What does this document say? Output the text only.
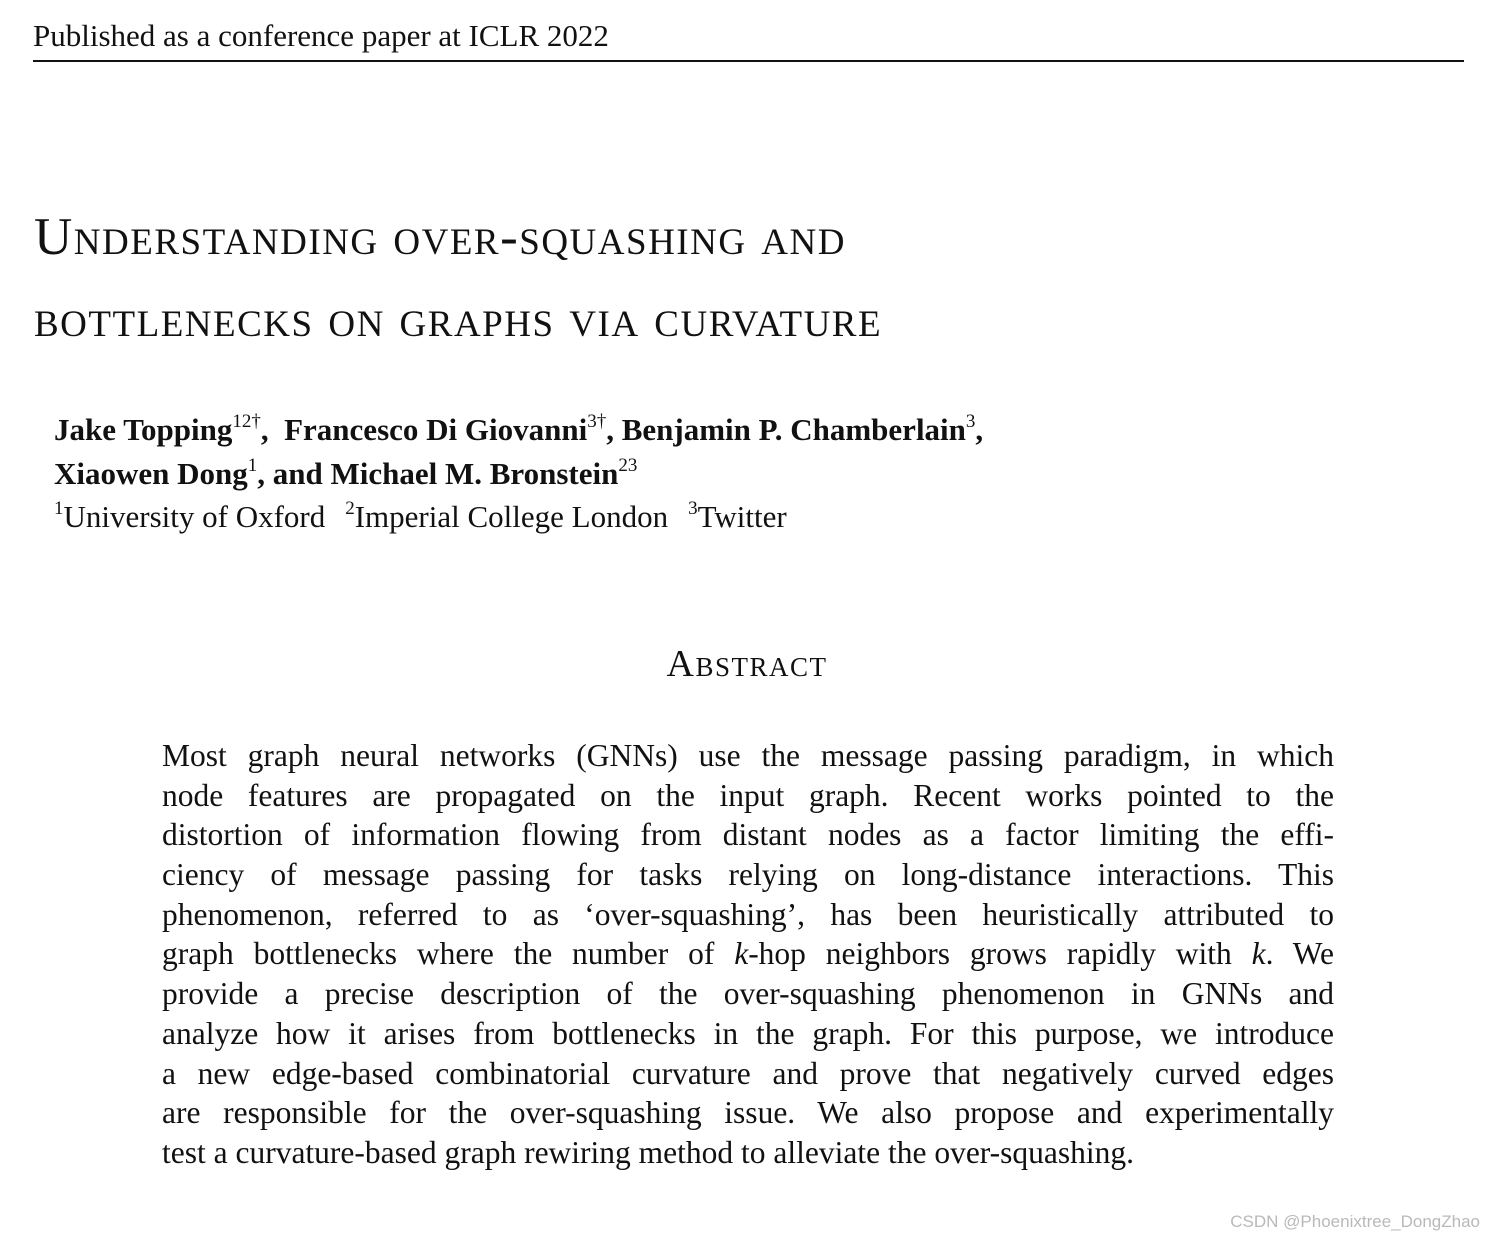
Published as a conference paper at ICLR 2022
Understanding over-squashing and
bottlenecks on graphs via curvature
Jake Topping$^{12\dagger}$,  Francesco Di Giovanni$^{3\dagger}$, Benjamin P. Chamberlain$^3$,
Xiaowen Dong$^1$, and Michael M. Bronstein$^{23}$
$^1$University of Oxford $^2$Imperial College London $^3$Twitter
Abstract
Most graph neural networks (GNNs) use the message passing paradigm, in which
node features are propagated on the input graph. Recent works pointed to the
distortion of information flowing from distant nodes as a factor limiting the effi-
ciency of message passing for tasks relying on long-distance interactions. This
phenomenon, referred to as ‘over-squashing’, has been heuristically attributed to
graph bottlenecks where the number of k-hop neighbors grows rapidly with k. We
provide a precise description of the over-squashing phenomenon in GNNs and
analyze how it arises from bottlenecks in the graph. For this purpose, we introduce
a new edge-based combinatorial curvature and prove that negatively curved edges
are responsible for the over-squashing issue. We also propose and experimentally
test a curvature-based graph rewiring method to alleviate the over-squashing.
CSDN @Phoenixtree_DongZhao
